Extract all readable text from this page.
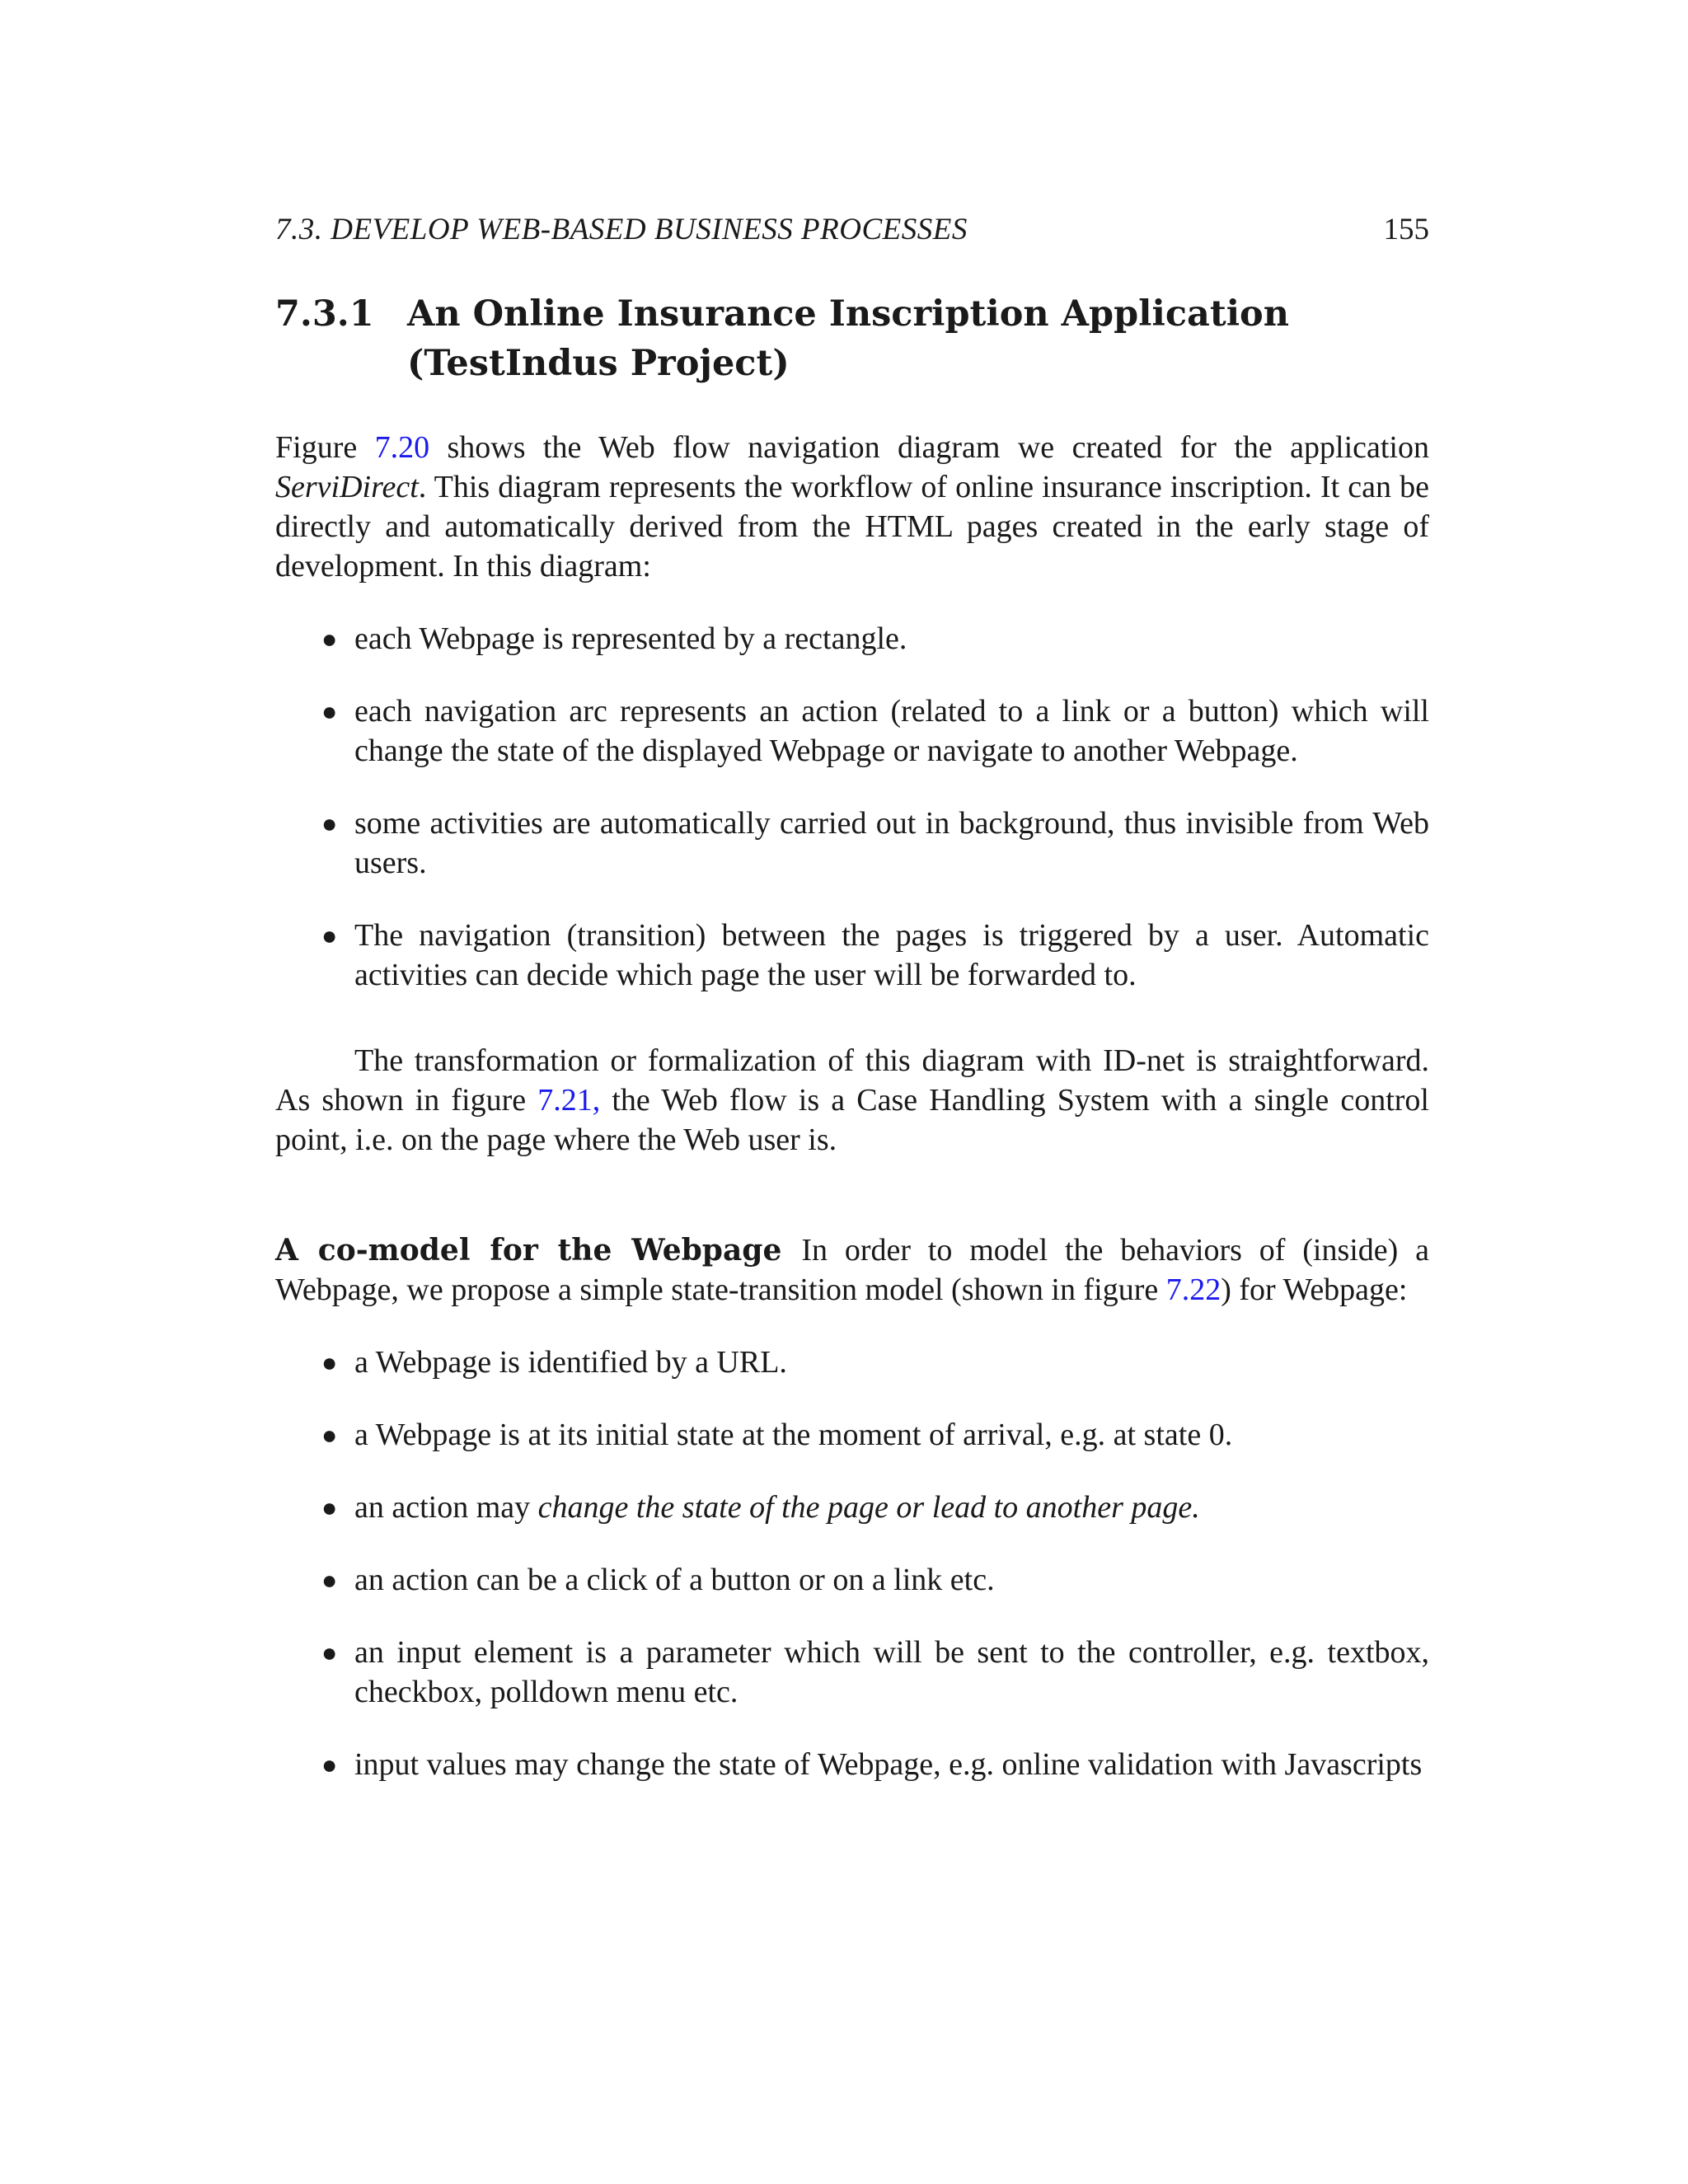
7.3. DEVELOP WEB-BASED BUSINESS PROCESSES	155
7.3.1 An Online Insurance Inscription Application (TestIndus Project)

Figure 7.20 shows the Web flow navigation diagram we created for the application ServiDirect. This diagram represents the workflow of online insurance inscription. It can be directly and automatically derived from the HTML pages created in the early stage of development. In this diagram:

● each Webpage is represented by a rectangle.
● each navigation arc represents an action (related to a link or a button) which will change the state of the displayed Webpage or navigate to another Webpage.
● some activities are automatically carried out in background, thus invisible from Web users.
● The navigation (transition) between the pages is triggered by a user. Automatic activities can decide which page the user will be forwarded to.

The transformation or formalization of this diagram with ID-net is straightforward. As shown in figure 7.21, the Web flow is a Case Handling System with a single control point, i.e. on the page where the Web user is.

A co-model for the Webpage In order to model the behaviors of (inside) a Webpage, we propose a simple state-transition model (shown in figure 7.22) for Webpage:

● a Webpage is identified by a URL.
● a Webpage is at its initial state at the moment of arrival, e.g. at state 0.
● an action may change the state of the page or lead to another page.
● an action can be a click of a button or on a link etc.
● an input element is a parameter which will be sent to the controller, e.g. textbox, checkbox, polldown menu etc.
● input values may change the state of Webpage, e.g. online validation with Javascripts
